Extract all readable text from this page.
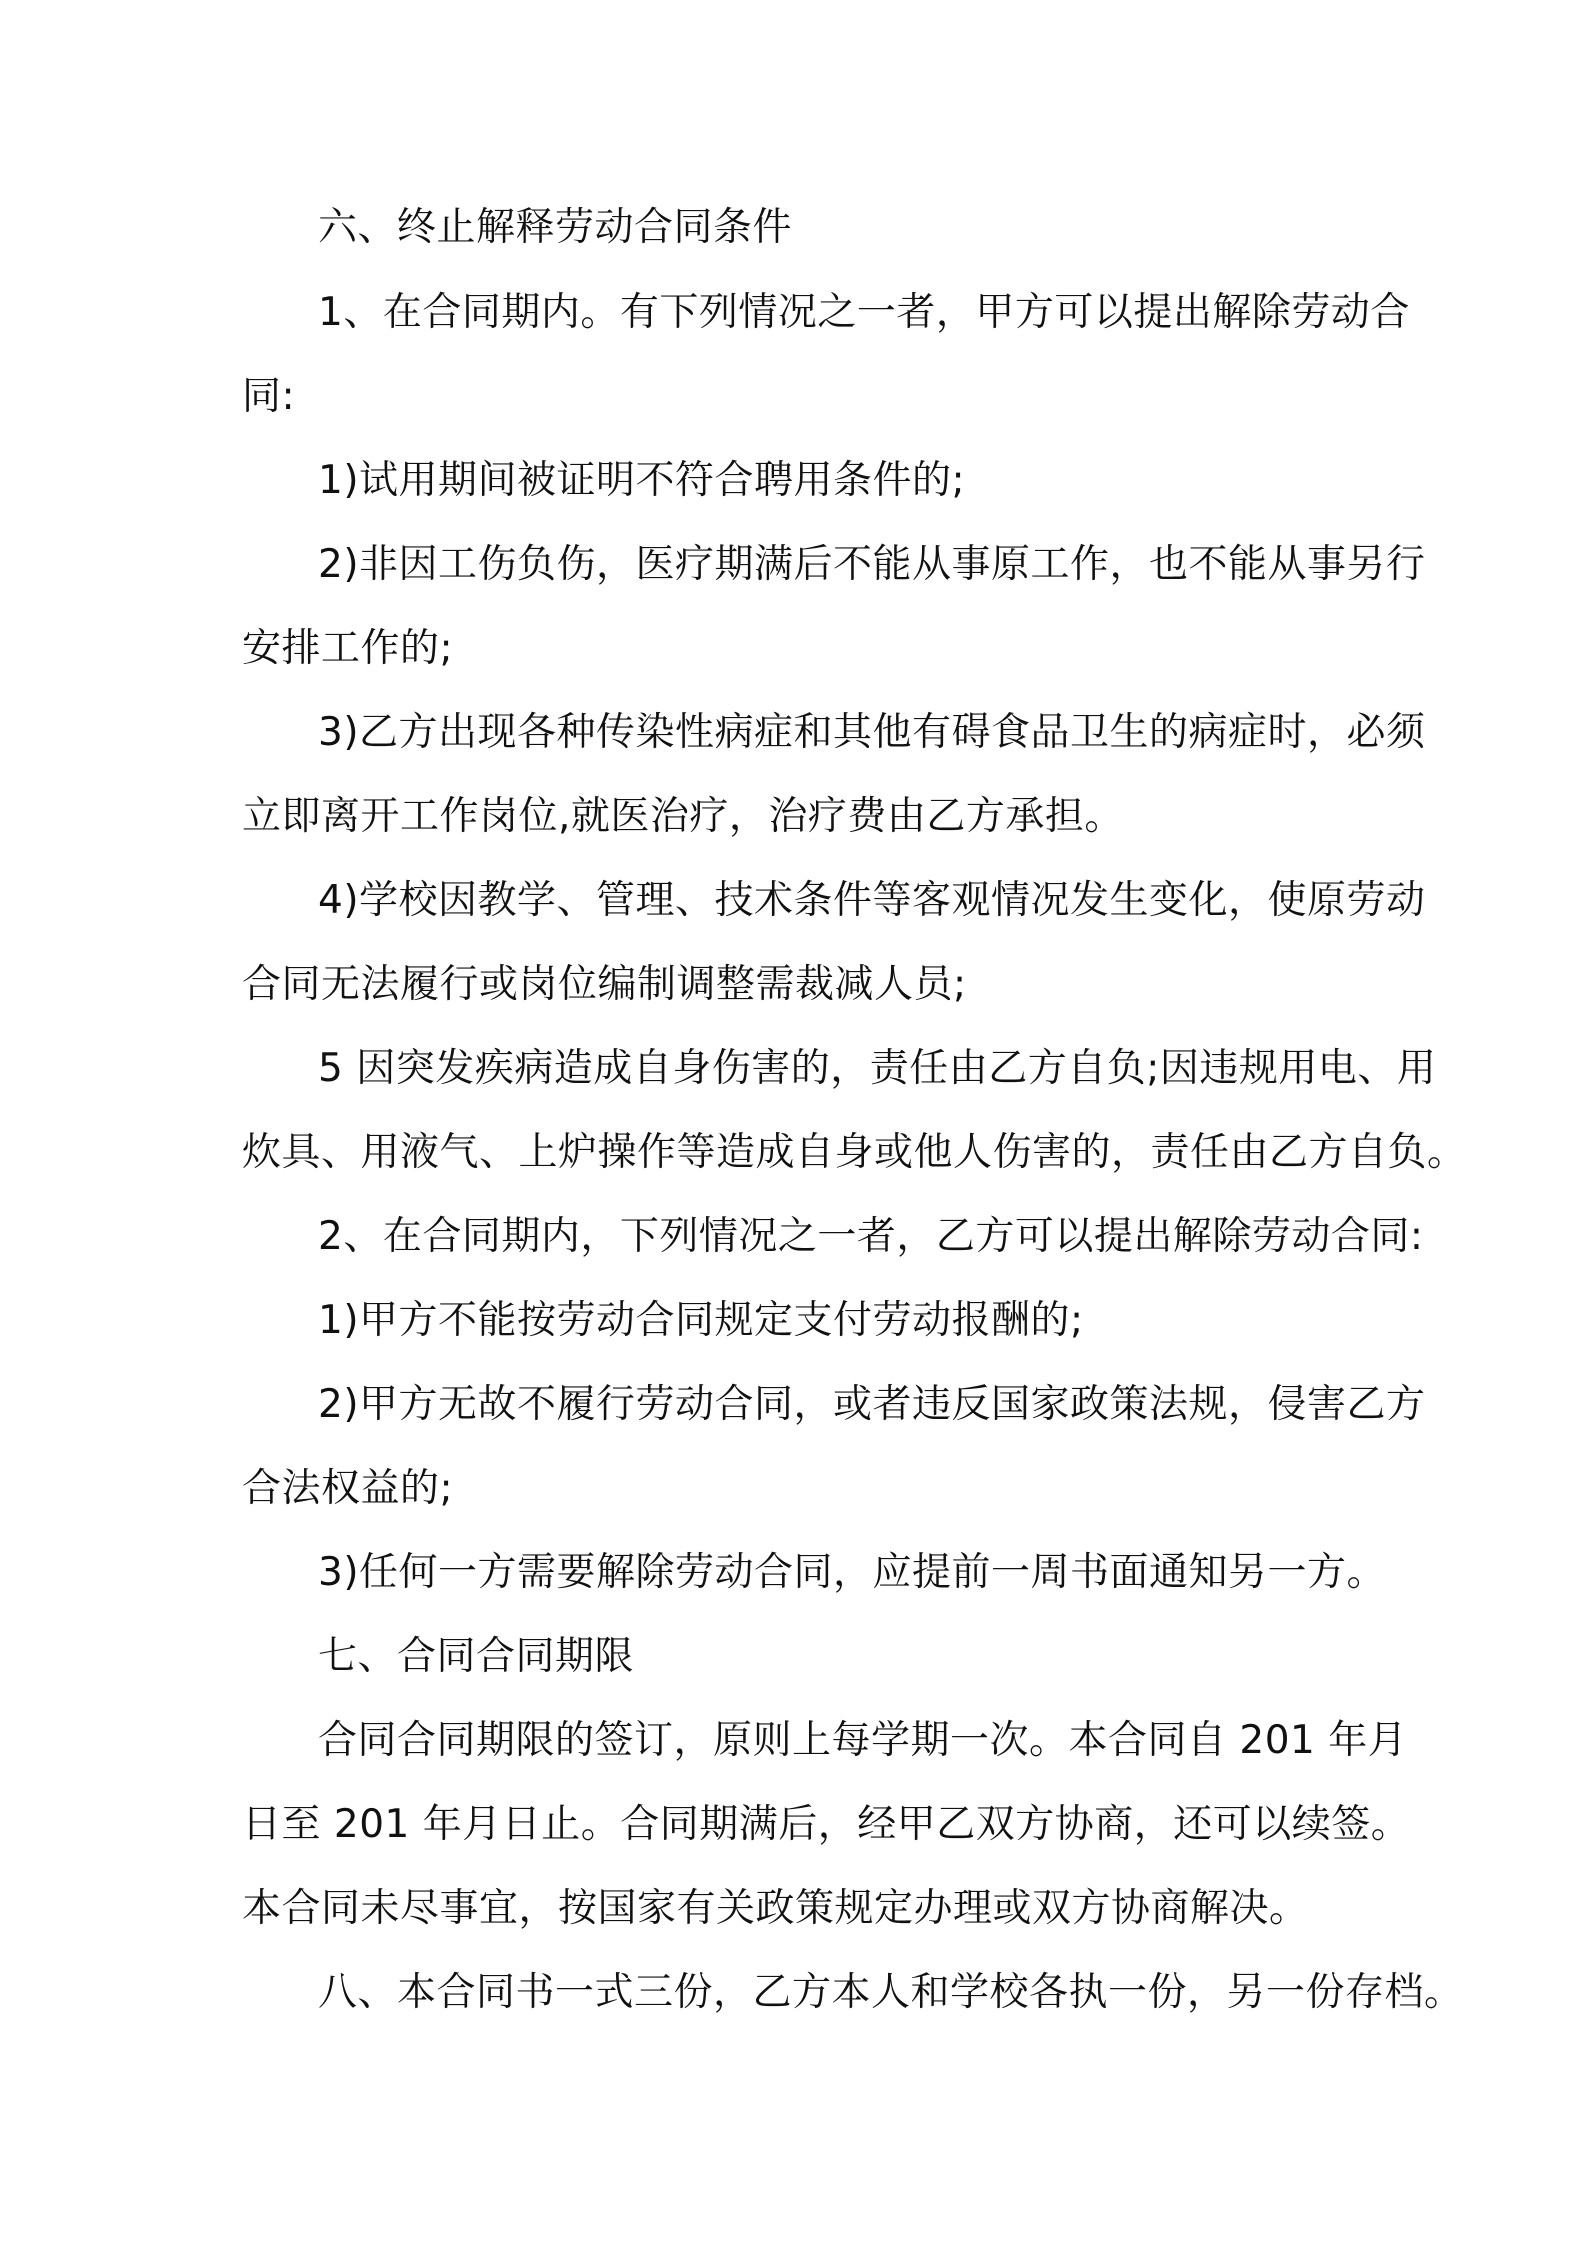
六、终止解释劳动合同条件
1、在合同期内。有下列情况之一者，甲方可以提出解除劳动合
同:
1)试用期间被证明不符合聘用条件的;
2)非因工伤负伤，医疗期满后不能从事原工作，也不能从事另行
安排工作的;
3)乙方出现各种传染性病症和其他有碍食品卫生的病症时，必须
立即离开工作岗位,就医治疗，治疗费由乙方承担。
4)学校因教学、管理、技术条件等客观情况发生变化，使原劳动
合同无法履行或岗位编制调整需裁减人员;
5 因突发疾病造成自身伤害的，责任由乙方自负;因违规用电、用
炊具、用液气、上炉操作等造成自身或他人伤害的，责任由乙方自负。
2、在合同期内，下列情况之一者，乙方可以提出解除劳动合同:
1)甲方不能按劳动合同规定支付劳动报酬的;
2)甲方无故不履行劳动合同，或者违反国家政策法规，侵害乙方
合法权益的;
3)任何一方需要解除劳动合同，应提前一周书面通知另一方。
七、合同合同期限
合同合同期限的签订，原则上每学期一次。本合同自 201 年月
日至 201 年月日止。合同期满后，经甲乙双方协商，还可以续签。
本合同未尽事宜，按国家有关政策规定办理或双方协商解决。
八、本合同书一式三份，乙方本人和学校各执一份，另一份存档。
